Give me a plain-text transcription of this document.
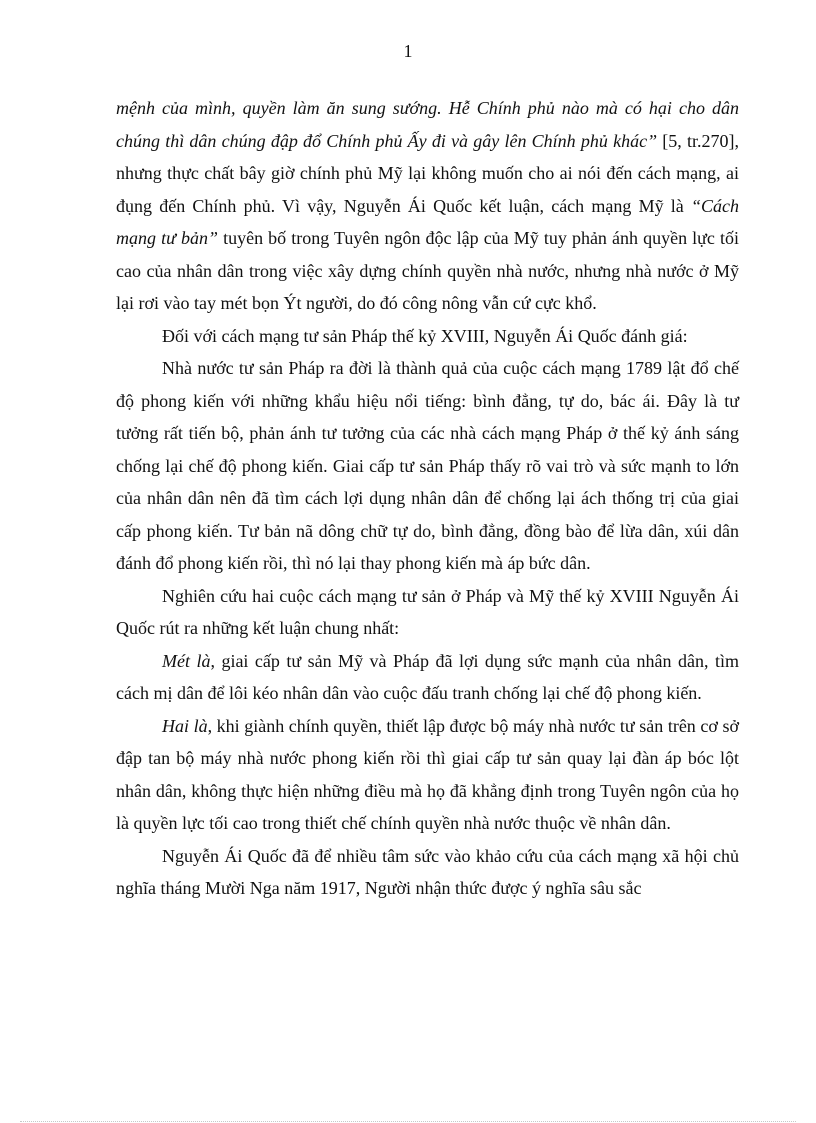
1

mệnh của mình, quyền làm ăn sung sướng. Hễ Chính phủ nào mà có hại cho dân chúng thì dân chúng đập đổ Chính phủ Ấy đi và gây lên Chính phủ khác” [5, tr.270], nhưng thực chất bây giờ chính phủ Mỹ lại không muốn cho ai nói đến cách mạng, ai đụng đến Chính phủ. Vì vậy, Nguyễn Ái Quốc kết luận, cách mạng Mỹ là “Cách mạng tư bản” tuyên bố trong Tuyên ngôn độc lập của Mỹ tuy phản ánh quyền lực tối cao của nhân dân trong việc xây dựng chính quyền nhà nước, nhưng nhà nước ở Mỹ lại rơi vào tay mét bọn Ýt người, do đó công nông vẫn cứ cực khổ.

Đối với cách mạng tư sản Pháp thế kỷ XVIII, Nguyễn Ái Quốc đánh giá:

Nhà nước tư sản Pháp ra đời là thành quả của cuộc cách mạng 1789 lật đổ chế độ phong kiến với những khẩu hiệu nổi tiếng: bình đẳng, tự do, bác ái. Đây là tư tưởng rất tiến bộ, phản ánh tư tưởng của các nhà cách mạng Pháp ở thế kỷ ánh sáng chống lại chế độ phong kiến. Giai cấp tư sản Pháp thấy rõ vai trò và sức mạnh to lớn của nhân dân nên đã tìm cách lợi dụng nhân dân để chống lại ách thống trị của giai cấp phong kiến. Tư bản nã dông chữ tự do, bình đẳng, đồng bào để lừa dân, xúi dân đánh đổ phong kiến rồi, thì nó lại thay phong kiến mà áp bức dân.

Nghiên cứu hai cuộc cách mạng tư sản ở Pháp và Mỹ thế kỷ XVIII Nguyễn Ái Quốc rút ra những kết luận chung nhất:

Mét là, giai cấp tư sản Mỹ và Pháp đã lợi dụng sức mạnh của nhân dân, tìm cách mị dân để lôi kéo nhân dân vào cuộc đấu tranh chống lại chế độ phong kiến.

Hai là, khi giành chính quyền, thiết lập được bộ máy nhà nước tư sản trên cơ sở đập tan bộ máy nhà nước phong kiến rồi thì giai cấp tư sản quay lại đàn áp bóc lột nhân dân, không thực hiện những điều mà họ đã khẳng định trong Tuyên ngôn của họ là quyền lực tối cao trong thiết chế chính quyền nhà nước thuộc về nhân dân.

Nguyễn Ái Quốc đã để nhiều tâm sức vào khảo cứu của cách mạng xã hội chủ nghĩa tháng Mười Nga năm 1917, Người nhận thức được ý nghĩa sâu sắc
